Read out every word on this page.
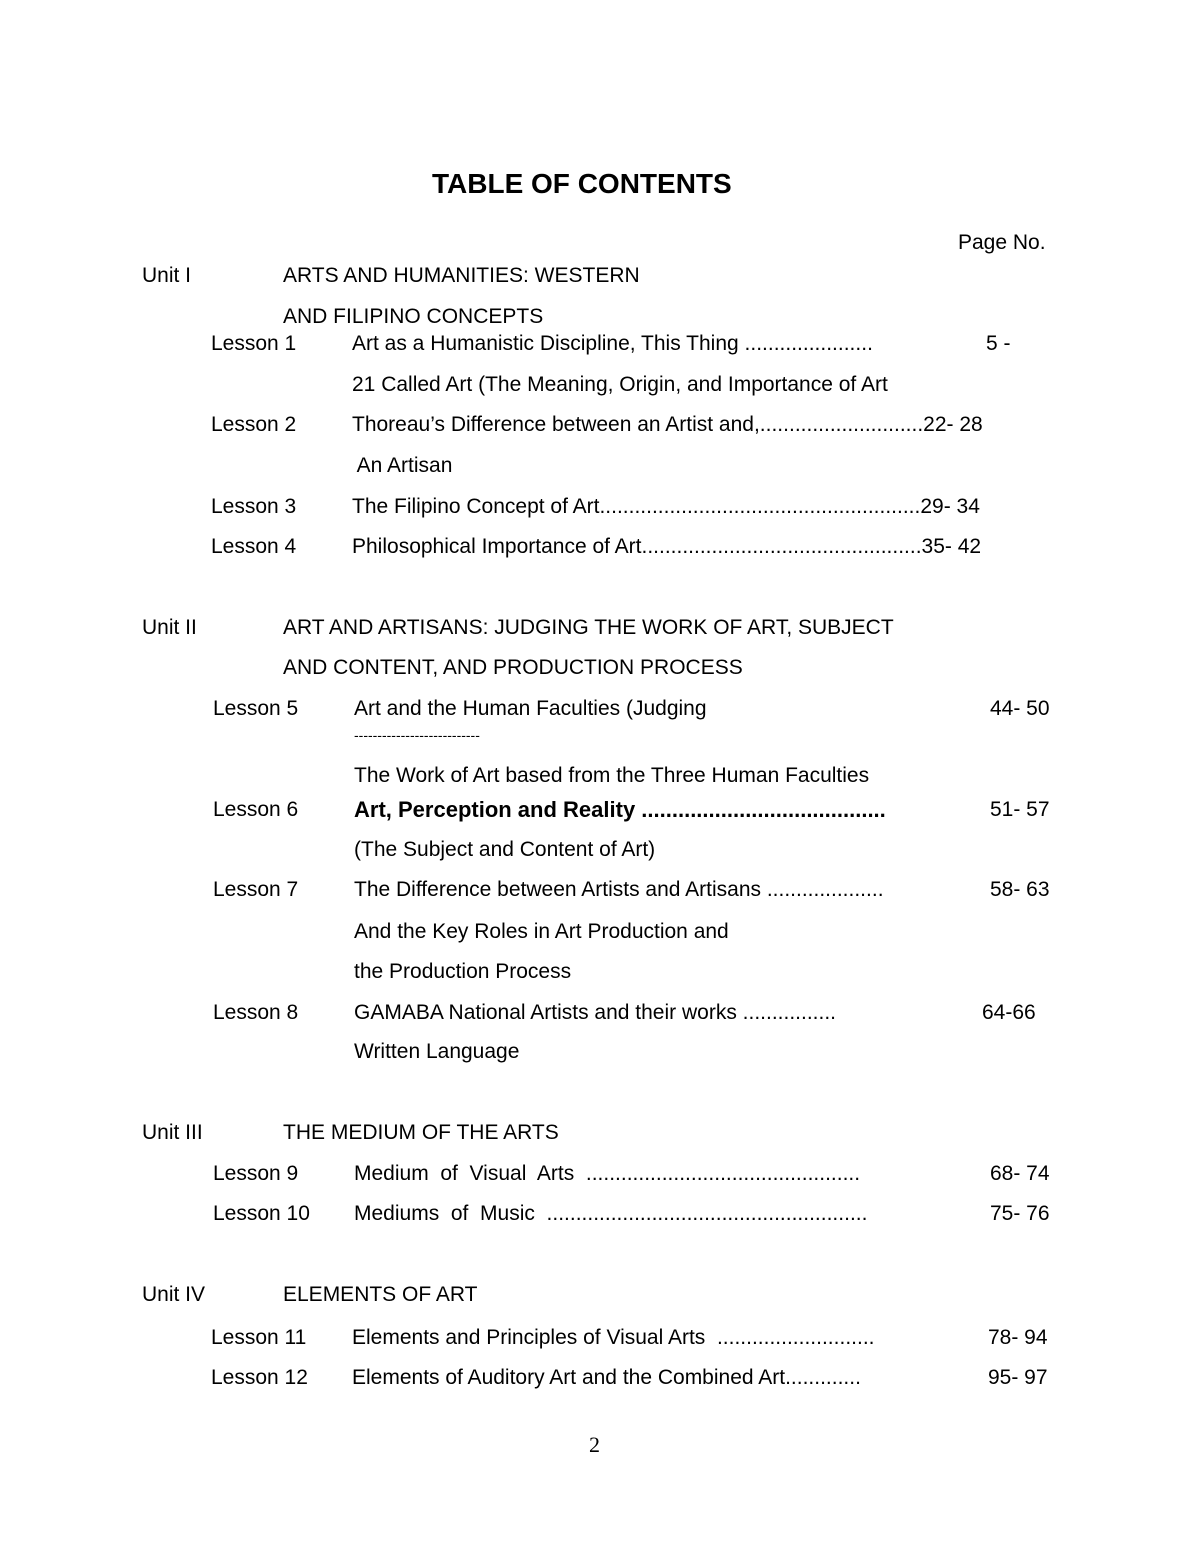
TABLE OF CONTENTS
Page No.
Unit I	ARTS AND HUMANITIES: WESTERN
AND FILIPINO CONCEPTS
Lesson 1	Art as a Humanistic Discipline, This Thing ......................	5 -
21 Called Art (The Meaning, Origin, and Importance of Art
Lesson 2	Thoreau’s Difference between an Artist and,............................22- 28
An Artisan
Lesson 3	The Filipino Concept of Art.......................................................29- 34
Lesson 4	Philosophical Importance of Art................................................35- 42
Unit II	ART AND ARTISANS: JUDGING THE WORK OF ART, SUBJECT
AND CONTENT, AND PRODUCTION PROCESS
Lesson 5	Art and the Human Faculties (Judging	44- 50
---------------------------
The Work of Art based from the Three Human Faculties
Lesson 6	Art, Perception and Reality ........................................	51- 57
(The Subject and Content of Art)
Lesson 7	The Difference between Artists and Artisans ....................	58- 63
And the Key Roles in Art Production and
the Production Process
Lesson 8	GAMABA National Artists and their works ................	64-66
Written Language
Unit III	THE MEDIUM OF THE ARTS
Lesson 9	Medium  of  Visual  Arts  ...............................................	68- 74
Lesson 10 Mediums  of  Music  .......................................................	75- 76
Unit IV	ELEMENTS OF ART
Lesson 11 Elements and Principles of Visual Arts  ...........................	78- 94
Lesson 12 Elements of Auditory Art and the Combined Art.............	95- 97
2
